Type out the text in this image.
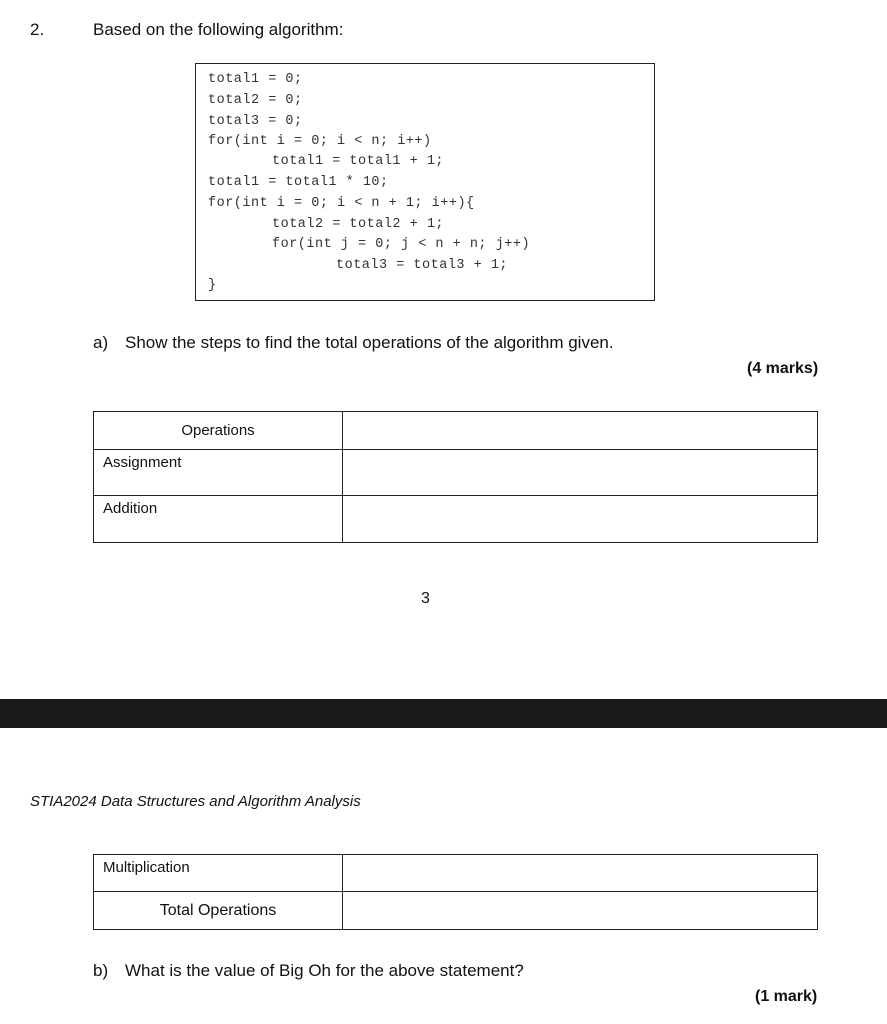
2.	Based on the following algorithm:
total1 = 0;
total2 = 0;
total3 = 0;
for(int i = 0; i < n; i++)
total1 = total1 + 1;
total1 = total1 * 10;
for(int i = 0; i < n + 1; i++){
total2 = total2 + 1;
for(int j = 0; j < n + n; j++)
total3 = total3 + 1;
}
a) Show the steps to find the total operations of the algorithm given.
(4 marks)
Operations	
Assignment	
Addition	
3
STIA2024 Data Structures and Algorithm Analysis
Multiplication	
Total Operations	
b) What is the value of Big Oh for the above statement?
(1 mark)
